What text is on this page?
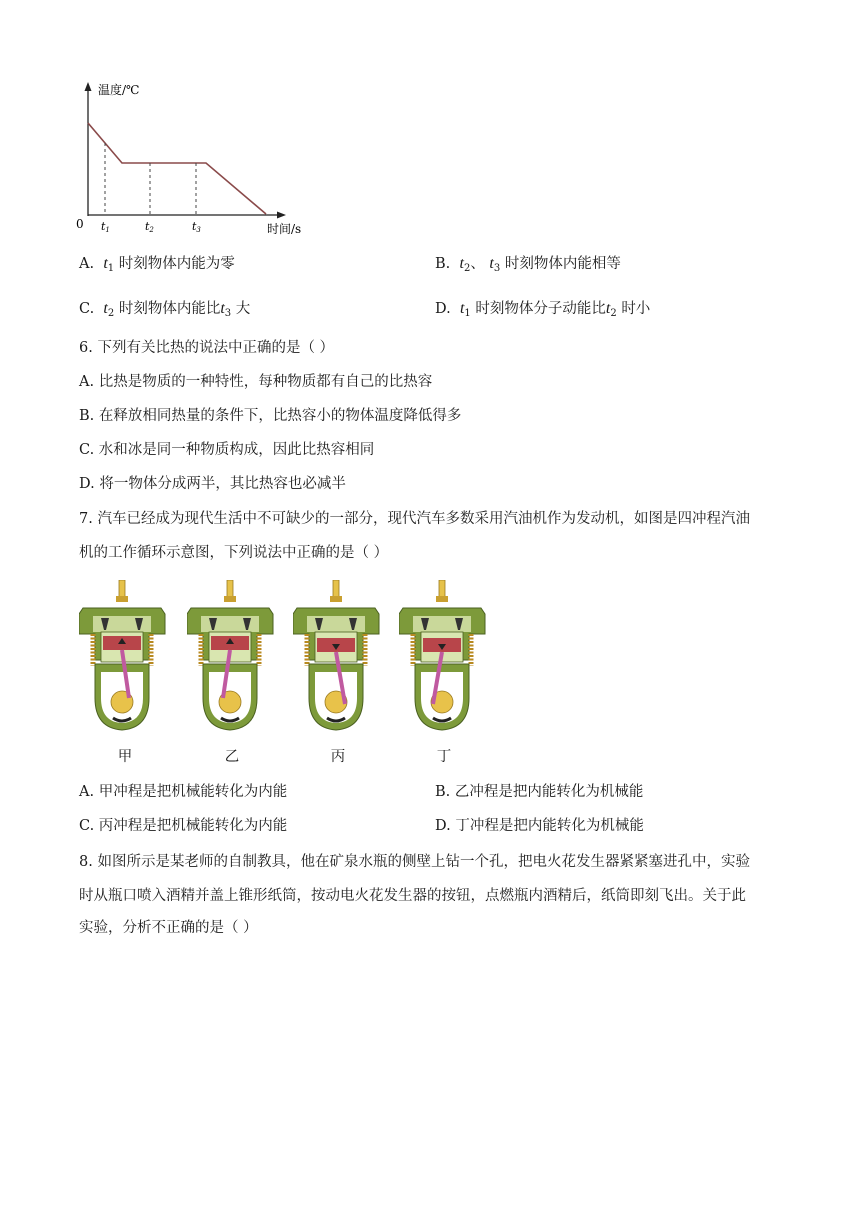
温度/℃
时间/s
0 t1	t2	t3
A. $t_1$ 时刻物体内能为零	B. $t_2$、 $t_3$ 时刻物体内能相等
C. $t_2$ 时刻物体内能比$t_3$ 大	D. $t_1$ 时刻物体分子动能比$t_2$ 时小
6. 下列有关比热的说法中正确的是（ ）
A. 比热是物质的一种特性，每种物质都有自己的比热容
B. 在释放相同热量的条件下，比热容小的物体温度降低得多
C. 水和冰是同一种物质构成，因此比热容相同
D. 将一物体分成两半，其比热容也必减半
7. 汽车已经成为现代生活中不可缺少的一部分，现代汽车多数采用汽油机作为发动机，如图是四冲程汽油
机的工作循环示意图，下列说法中正确的是（ ）
甲	乙	丙	丁
A. 甲冲程是把机械能转化为内能	B. 乙冲程是把内能转化为机械能
C. 丙冲程是把机械能转化为内能	D. 丁冲程是把内能转化为机械能
8. 如图所示是某老师的自制教具，他在矿泉水瓶的侧壁上钻一个孔，把电火花发生器紧紧塞进孔中，实验
时从瓶口喷入酒精并盖上锥形纸筒，按动电火花发生器的按钮，点燃瓶内酒精后，纸筒即刻飞出。关于此
实验，分析不正确的是（ ）
